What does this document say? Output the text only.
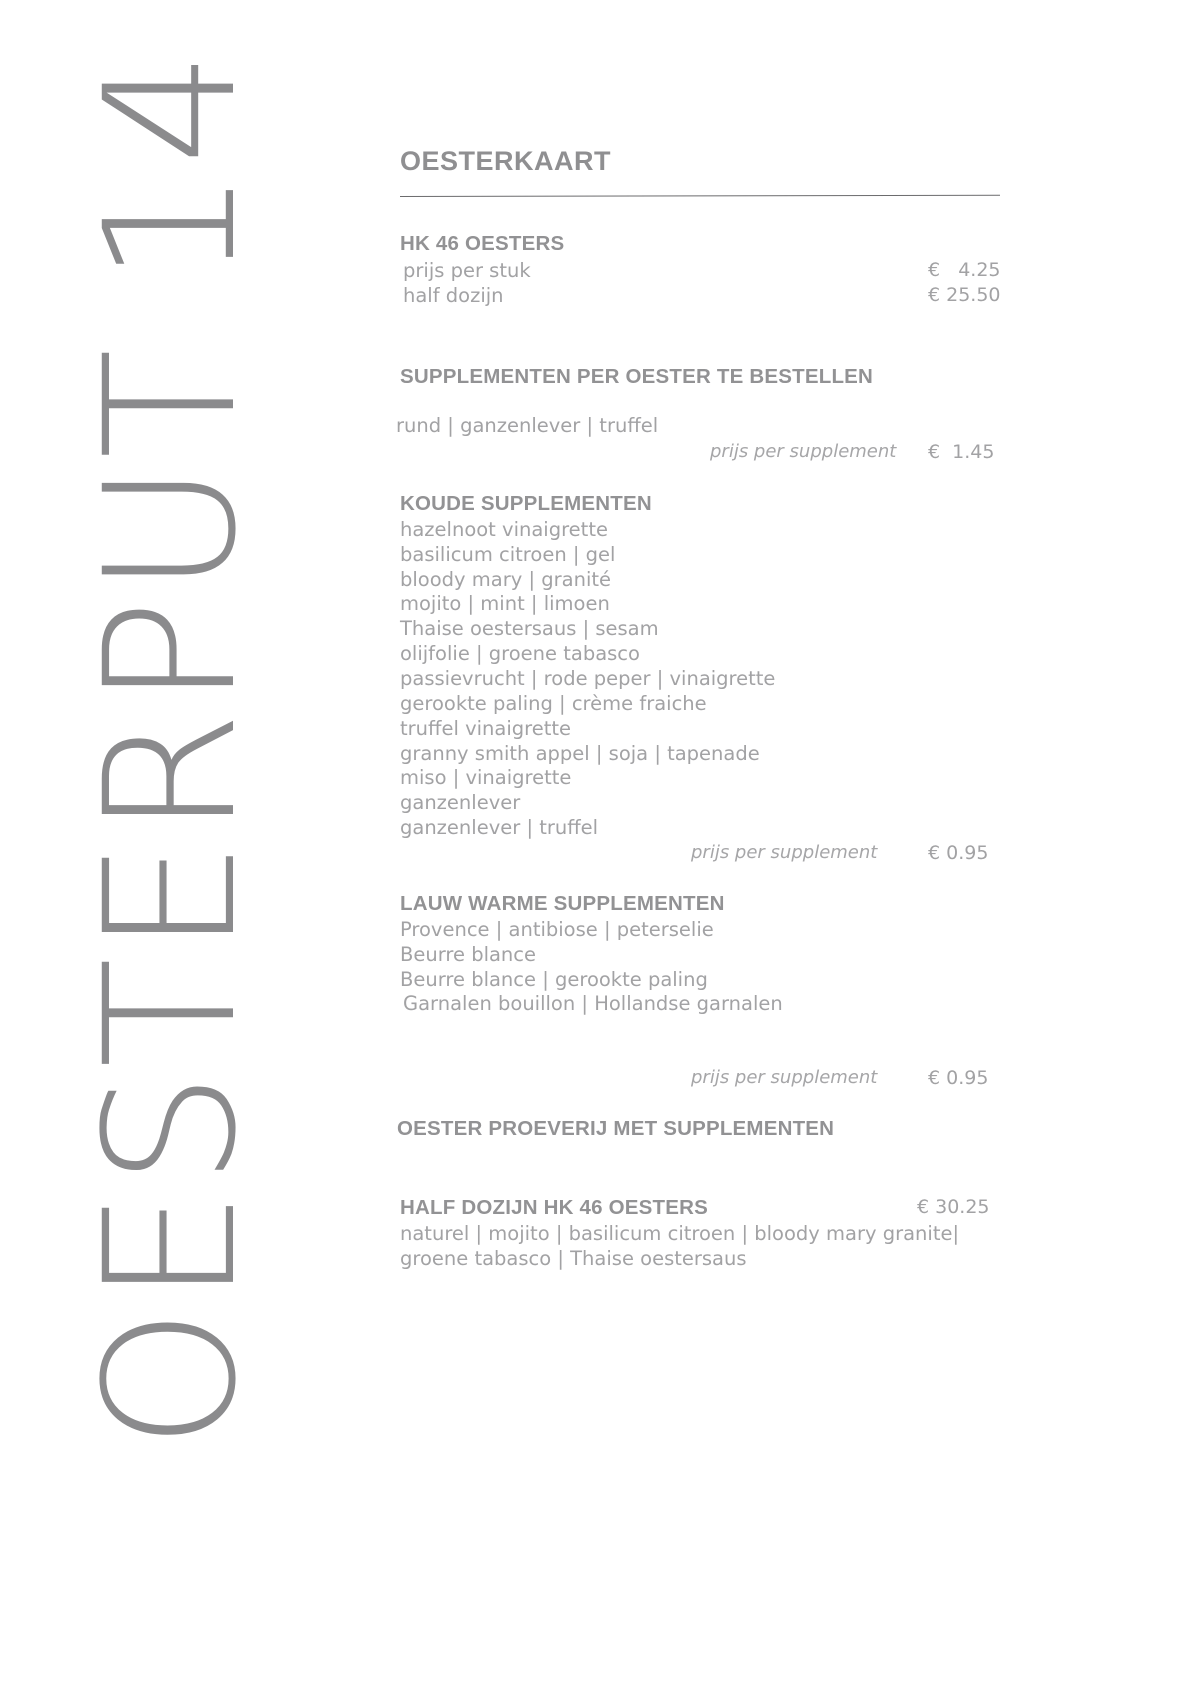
OESTERPUT 14	OESTERKAART
HK 46 OESTERS
prijs per stuk	€   4.25
half dozijn	€ 25.50
SUPPLEMENTEN PER OESTER TE BESTELLEN
rund | ganzenlever | truffel
prijs per supplement €  1.45
KOUDE SUPPLEMENTEN
hazelnoot vinaigrette
basilicum citroen | gel
bloody mary | granité
mojito | mint | limoen
Thaise oestersaus | sesam
olijfolie | groene tabasco
passievrucht | rode peper | vinaigrette
gerookte paling | crème fraiche
truffel vinaigrette
granny smith appel | soja | tapenade
miso | vinaigrette
ganzenlever
ganzenlever | truffel
prijs per supplement	€ 0.95
LAUW WARME SUPPLEMENTEN
Provence | antibiose | peterselie
Beurre blance
Beurre blance | gerookte paling
Garnalen bouillon | Hollandse garnalen
prijs per supplement	€ 0.95
OESTER PROEVERIJ MET SUPPLEMENTEN
HALF DOZIJN HK 46 OESTERS	€ 30.25
naturel | mojito | basilicum citroen | bloody mary granite|
groene tabasco | Thaise oestersaus
